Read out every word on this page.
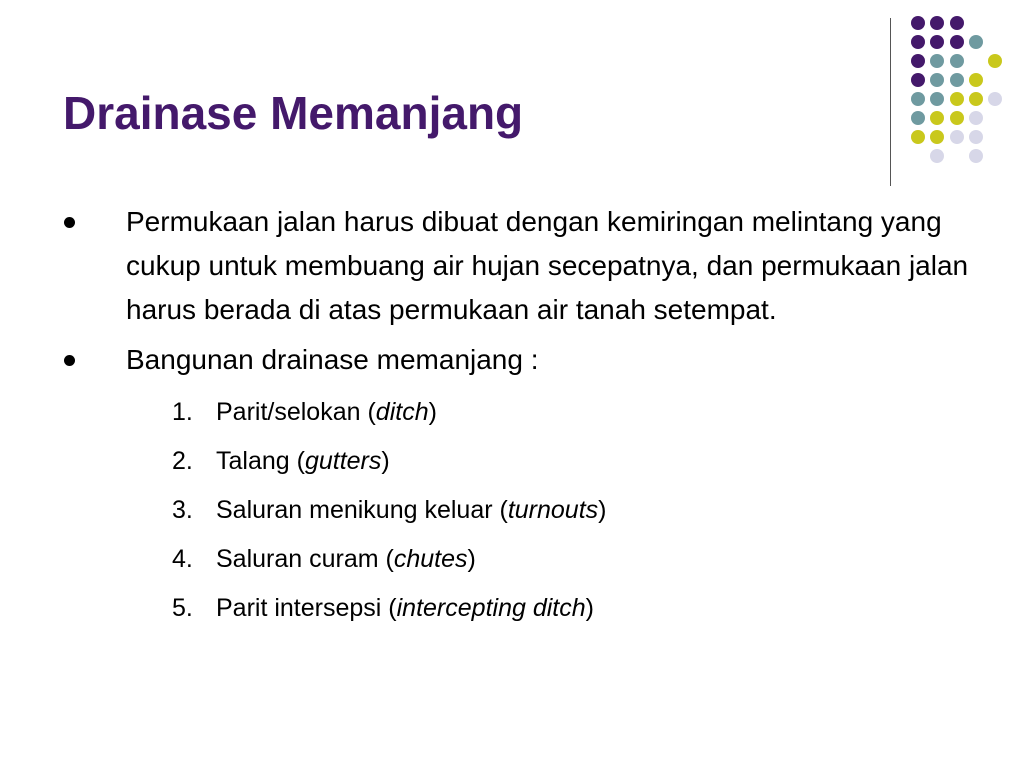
Drainase Memanjang
Permukaan jalan harus dibuat dengan kemiringan melintang yang cukup untuk membuang air hujan secepatnya, dan permukaan jalan harus berada di atas permukaan air tanah setempat.
Bangunan drainase memanjang :
1. Parit/selokan (ditch)
2. Talang (gutters)
3. Saluran menikung keluar (turnouts)
4. Saluran curam (chutes)
5. Parit intersepsi (intercepting ditch)
